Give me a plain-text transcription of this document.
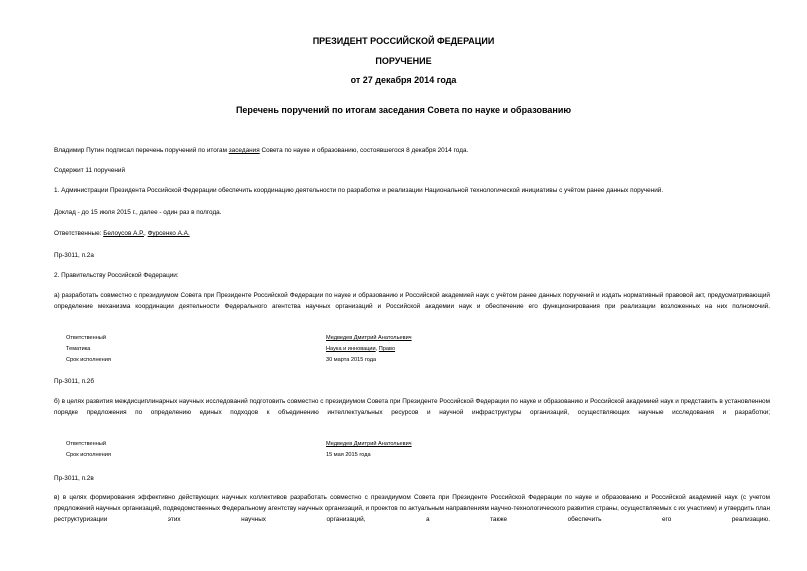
ПРЕЗИДЕНТ РОССИЙСКОЙ ФЕДЕРАЦИИ
ПОРУЧЕНИЕ
от 27 декабря 2014 года
Перечень поручений по итогам заседания Совета по науке и образованию

Владимир Путин подписал перечень поручений по итогам заседания Совета по науке и образованию, состоявшегося 8 декабря 2014 года.

Содержит 11 поручений

1. Администрации Президента Российской Федерации обеспечить координацию деятельности по разработке и реализации Национальной технологической инициативы с учётом ранее данных поручений.

Доклад - до 15 июля 2015 г., далее - один раз в полгода.

Ответственные: Белоусов А.Р., Фурсенко А.А.

Пр-3011, п.2а

2. Правительству Российской Федерации:

а) разработать совместно с президиумом Совета при Президенте Российской Федерации по науке и образованию и Российской академией наук с учётом ранее данных поручений и издать нормативный правовой акт, предусматривающий определение механизма координации деятельности Федерального агентства научных организаций и Российской академии наук и обеспечение его функционирования при реализации возложенных на них полномочий.

Ответственный	Медведев Дмитрий Анатольевич
Тематика	Наука и инновации, Право
Срок исполнения	30 марта 2015 года

Пр-3011, п.2б

б) в целях развития междисциплинарных научных исследований подготовить совместно с президиумом Совета при Президенте Российской Федерации по науке и образованию и Российской академией наук и представить в установленном порядке предложения по определению единых подходов к объединению интеллектуальных ресурсов и научной инфраструктуры организаций, осуществляющих научные исследования и разработки;

Ответственный	Медведев Дмитрий Анатольевич
Срок исполнения	15 мая 2015 года

Пр-3011, п.2в

в) в целях формирования эффективно действующих научных коллективов разработать совместно с президиумом Совета при Президенте Российской Федерации по науке и образованию и Российской академией наук (с учетом предложений научных организаций, подведомственных Федеральному агентству научных организаций, и проектов по актуальным направлениям научно-технологического развития страны, осуществляемых с их участием) и утвердить план реструктуризации этих научных организаций, а также обеспечить его реализацию.
